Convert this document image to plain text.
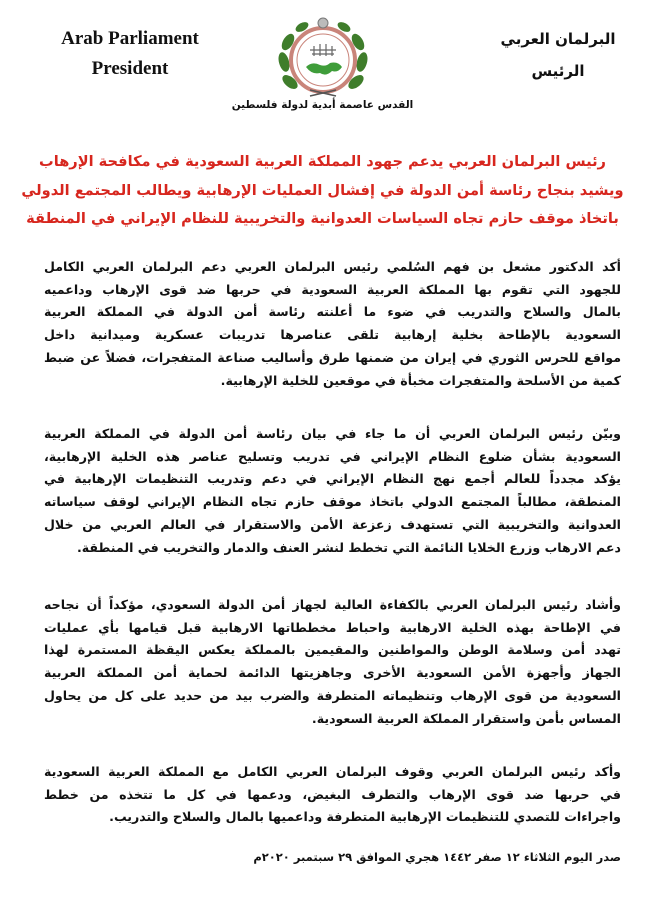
Arab Parliament
President
البرلمان العربي
الرئيس
القدس عاصمة أبدية لدولة فلسطين
رئيس البرلمان العربي يدعم جهود المملكة العربية السعودية في مكافحة الإرهاب
ويشيد بنجاح رئاسة أمن الدولة في إفشال العمليات الإرهابية ويطالب المجتمع الدولي
باتخاذ موقف حازم تجاه السياسات العدوانية والتخريبية للنظام الإيراني في المنطقة
أكد الدكتور مشعل بن فهم السُلمي رئيس البرلمان العربي دعم البرلمان العربي الكامل
للجهود التي تقوم بها المملكة العربية السعودية في حربها ضد قوى الإرهاب وداعميه
بالمال والسلاح والتدريب في ضوء ما أعلنته رئاسة أمن الدولة في المملكة العربية
السعودية بالإطاحة بخلية إرهابية تلقى عناصرها تدريبات عسكرية وميدانية داخل
مواقع للحرس الثوري في إيران من ضمنها طرق وأساليب صناعة المتفجرات، فضلاً عن ضبط
كمية من الأسلحة والمتفجرات مخبأة في موقعين للخلية الإرهابية.
وبيّن رئيس البرلمان العربي أن ما جاء في بيان رئاسة أمن الدولة في المملكة العربية
السعودية بشأن ضلوع النظام الإيراني في تدريب وتسليح عناصر هذه الخلية الإرهابية،
يؤكد مجدداً للعالم أجمع نهج النظام الإيراني في دعم وتدريب التنظيمات الإرهابية في
المنطقة، مطالباً المجتمع الدولي باتخاذ موقف حازم تجاه النظام الإيراني لوقف سياساته
العدوانية والتخريبية التي تستهدف زعزعة الأمن والاستقرار في العالم العربي من خلال
دعم الارهاب وزرع الخلايا النائمة التي تخطط لنشر العنف والدمار والتخريب في المنطقة.
وأشاد رئيس البرلمان العربي بالكفاءة العالية لجهاز أمن الدولة السعودي، مؤكداً أن نجاحه
في الإطاحة بهذه الخلية الارهابية واحباط مخططاتها الارهابية قبل قيامها بأي عمليات
تهدد أمن وسلامة الوطن والمواطنين والمقيمين بالمملكة يعكس اليقظة المستمرة لهذا
الجهاز وأجهزة الأمن السعودية الأخرى وجاهزيتها الدائمة لحماية أمن المملكة العربية
السعودية من قوى الإرهاب وتنظيماته المتطرفة والضرب بيد من حديد على كل من يحاول
المساس بأمن واستقرار المملكة العربية السعودية.
وأكد رئيس البرلمان العربي وقوف البرلمان العربي الكامل مع المملكة العربية السعودية
في حربها ضد قوى الإرهاب والتطرف البغيض، ودعمها في كل ما تتخذه من خطط
واجراءات للتصدي للتنظيمات الإرهابية المتطرفة وداعميها بالمال والسلاح والتدريب.
صدر اليوم الثلاثاء ١٢ صفر ١٤٤٢ هجري الموافق ٢٩ سبتمبر ٢٠٢٠م
